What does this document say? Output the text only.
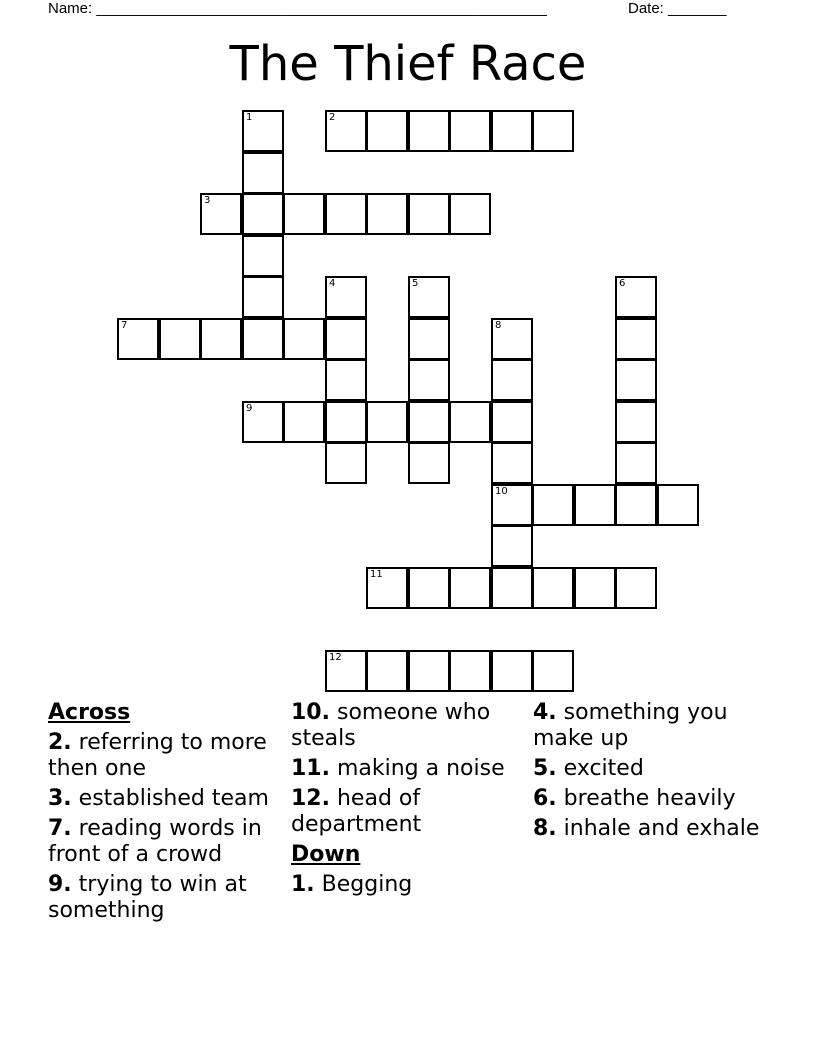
Name: ______________________________________________________	Date: _______
The Thief Race
1	2
3
4	5	6
7	8
9
11
12
10
Across
2. referring to more then one
3. established team
7. reading words in front of a crowd
9. trying to win at something
10. someone who steals
11. making a noise
12. head of department
Down
1. Begging
4. something you make up
5. excited
6. breathe heavily
8. inhale and exhale
